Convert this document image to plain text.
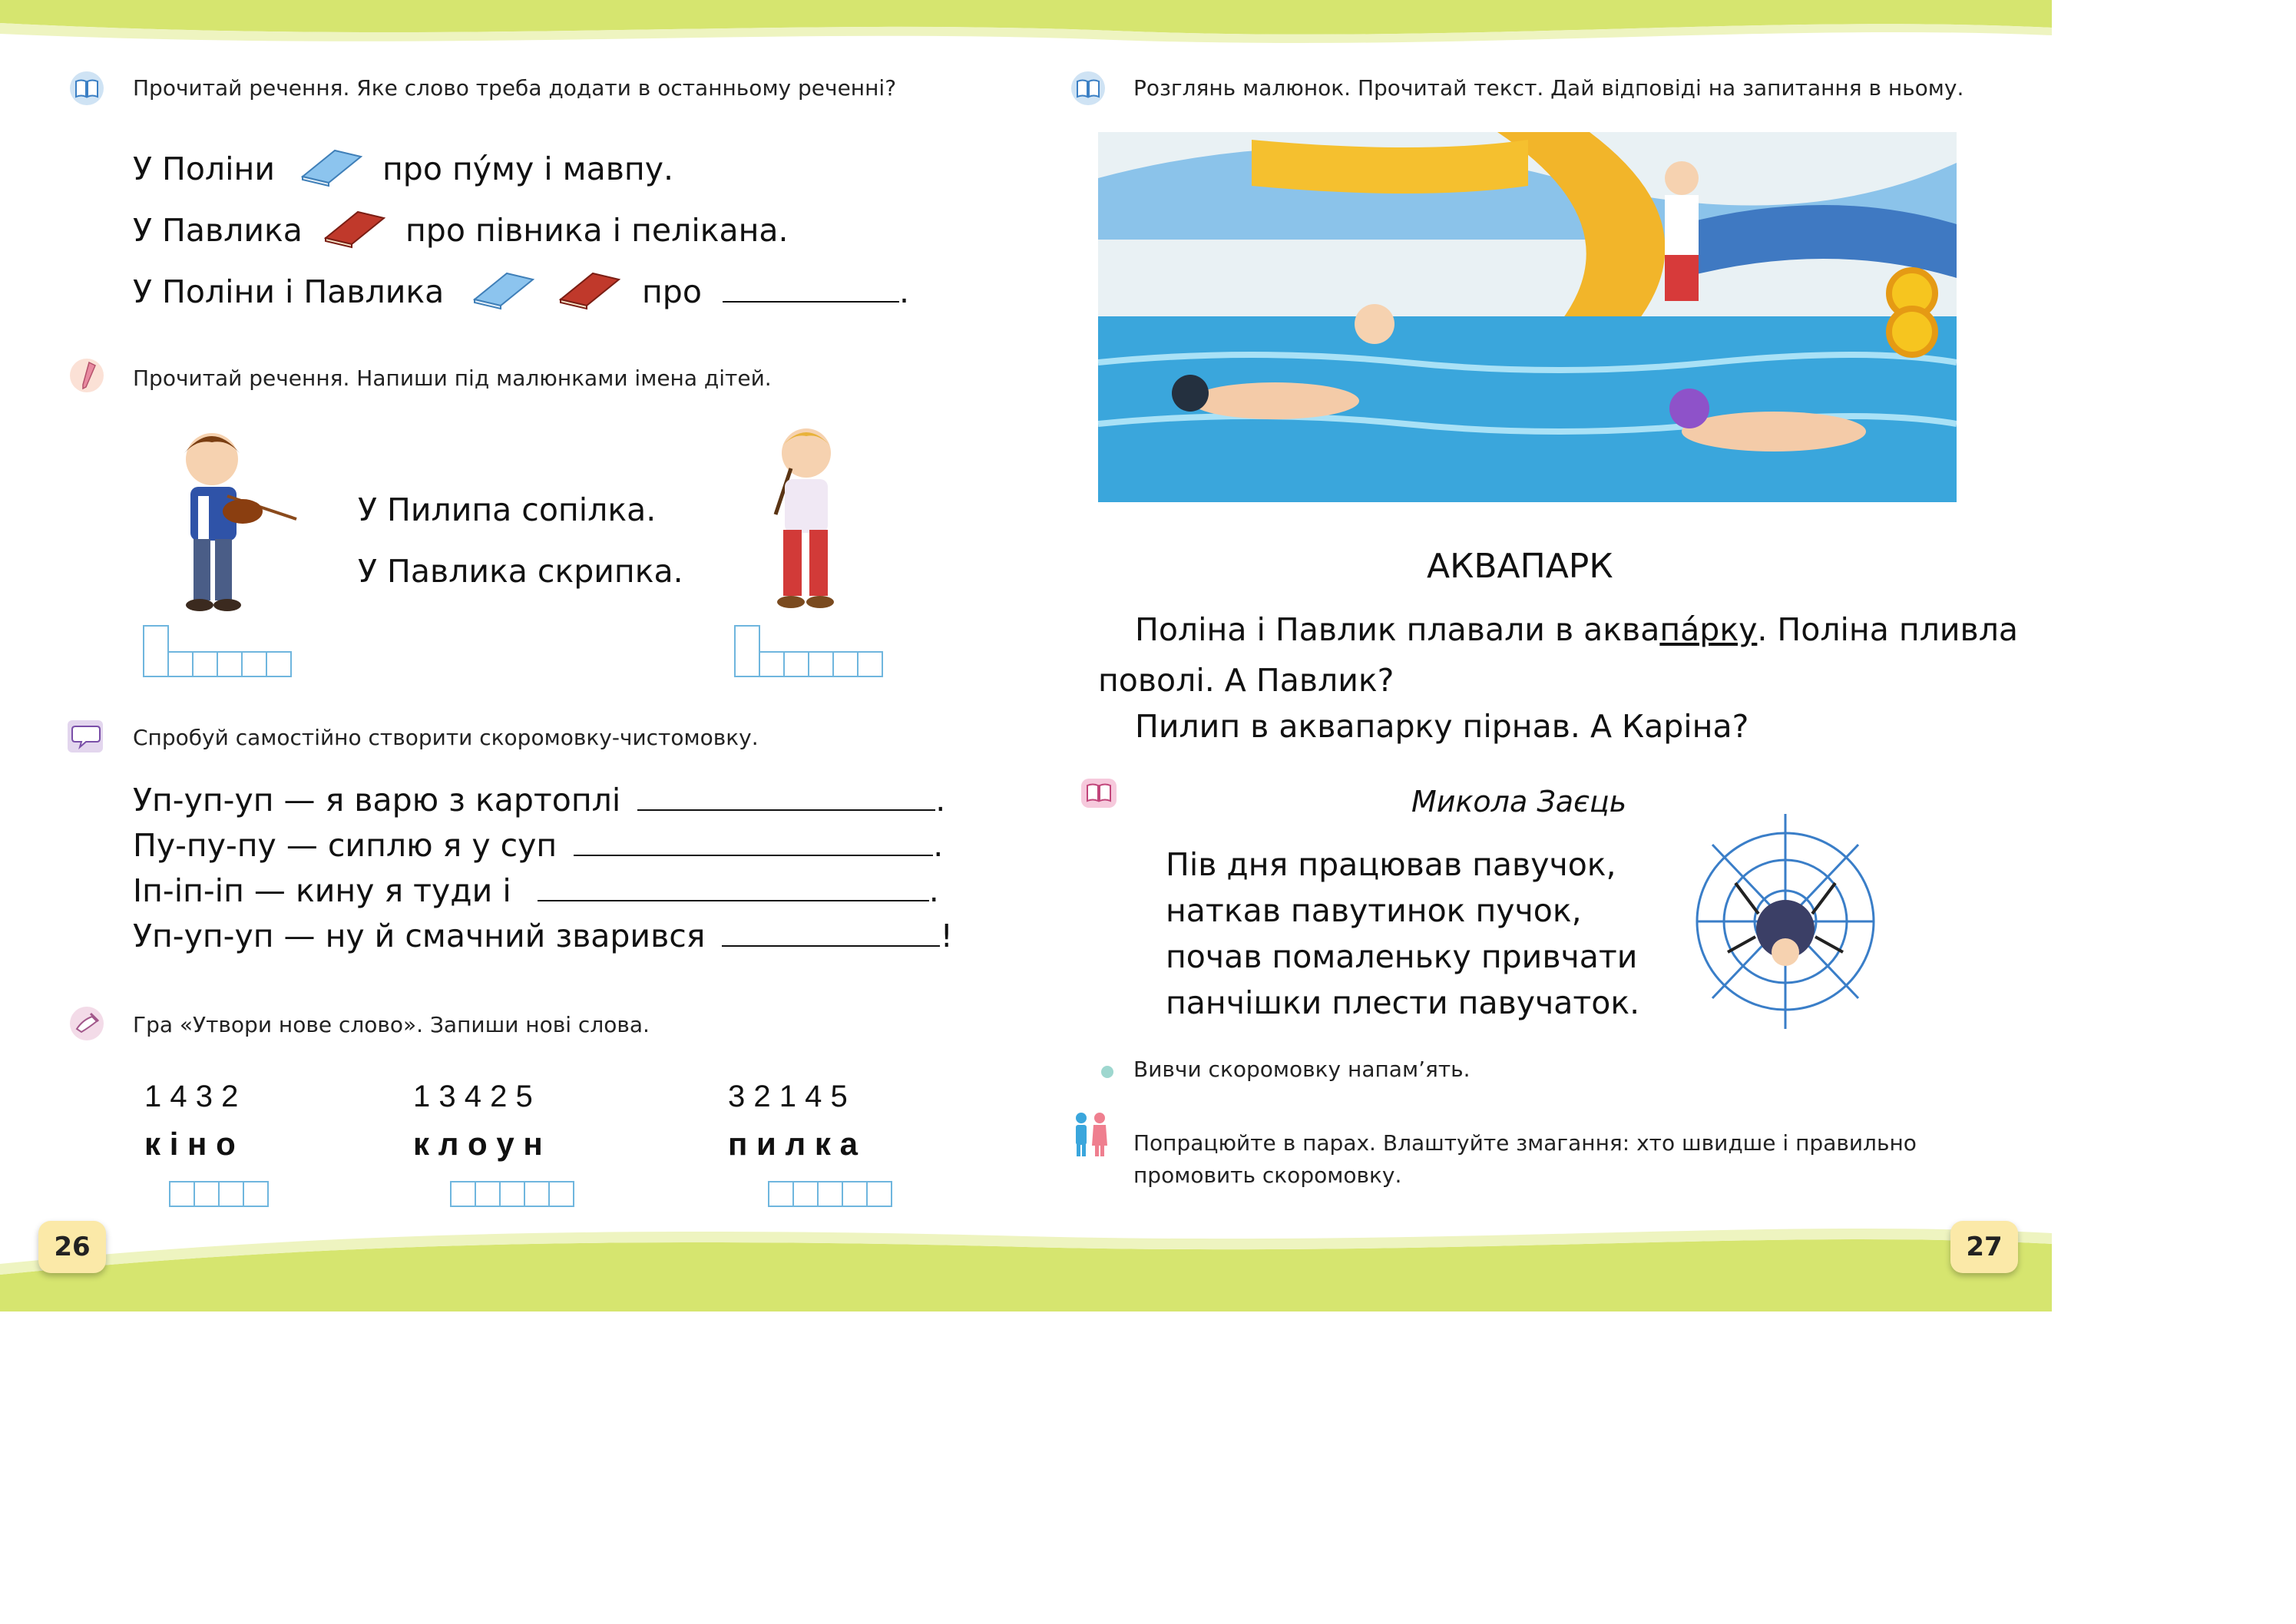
Прочитай речення. Яке слово треба додати в останньому реченні?
У Поліни	про пу́му і мавпу.
У Павлика	про півника і пелікана.
У Поліни і Павлика	про	.
Прочитай речення. Напиши під малюнками імена дітей.
У Пилипа сопілка.
У Павлика скрипка.
Спробуй самостійно створити скоромовку-чистомовку.
Уп-уп-уп — я варю з картоплі	.
Пу-пу-пу — сиплю я у суп	.
Іп-іп-іп — кину я туди і	.
Уп-уп-уп — ну й смачний зварився	!
Гра «Утвори нове слово». Запиши нові слова.
1 4 3 2
к і н о
1 3 4 2 5
к л о у н
3 2 1 4 5
п и л к а
26
Розглянь малюнок. Прочитай текст. Дай відповіді на запитання в ньому.
АКВАПАРК
Поліна і Павлик плавали в аквапа́рку. Поліна пливла
поволі. А Павлик?
Пилип в аквапарку пірнав. А Каріна?
Микола Заєць
Пів дня працював павучок,
наткав павутинок пучок,
почав помаленьку привчати
панчішки плести павучаток.
Вивчи скоромовку напам’ять.
Попрацюйте в парах. Влаштуйте змагання: хто швидше і правильно
промовить скоромовку.
27
